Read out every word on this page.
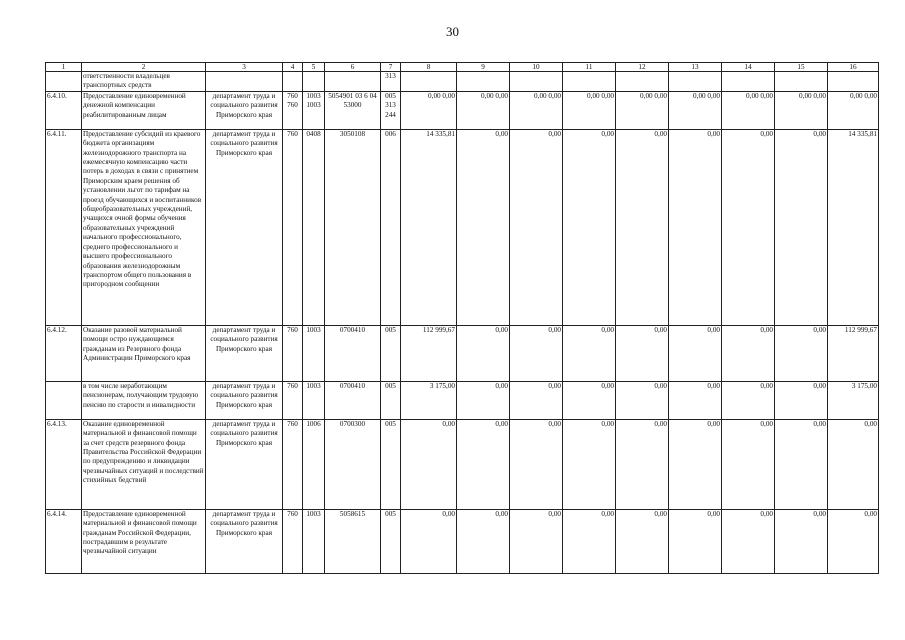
30
1	2	3	4	5	6	7	8	9	10	11	12	13	14	15	16
	ответственности владельцев транспортных средств					313									
6.4.10.	Предоставление единовременной денежной компенсации реабилитированным лицам	департамент труда и социального развития Приморского края	760 760	1003 1003	5054901 03 6 04 53000	005 313 244	0,00 0,00	0,00 0,00	0,00 0,00	0,00 0,00	0,00 0,00	0,00 0,00	0,00 0,00	0,00 0,00	0,00 0,00
6.4.11.	Предоставление субсидий из краевого бюджета организациям железнодорожного транспорта на ежемесячную компенсацию части потерь в доходах в связи с принятием Приморским краем решения об установлении льгот по тарифам на проезд обучающихся и воспитанников общеобразовательных учреждений, учащихся очной формы обучения образовательных учреждений начального профессионального, среднего профессионального и высшего профессионального образования железнодорожным транспортом общего пользования в пригородном сообщении	департамент труда и социального развития Приморского края	760	0408	3050108	006	14 335,81	0,00	0,00	0,00	0,00	0,00	0,00	0,00	14 335,81
6.4.12.	Оказание разовой материальной помощи остро нуждающимся гражданам из Резервного фонда Администрации Приморского края	департамент труда и социального развития Приморского края	760	1003	0700410	005	112 999,67	0,00	0,00	0,00	0,00	0,00	0,00	0,00	112 999,67
	в том числе неработающим пенсионерам, получающим трудовую пенсию по старости и инвалидности	департамент труда и социального развития Приморского края	760	1003	0700410	005	3 175,00	0,00	0,00	0,00	0,00	0,00	0,00	0,00	3 175,00
6.4.13.	Оказание единовременной материальной и финансовой помощи за счет средств резервного фонда Правительства Российской Федерации по предупреждению и ликвидации чрезвычайных ситуаций и последствий стихийных бедствий	департамент труда и социального развития Приморского края	760	1006	0700300	005	0,00	0,00	0,00	0,00	0,00	0,00	0,00	0,00	0,00
6.4.14.	Предоставление единовременной материальной и финансовой помощи гражданам Российской Федерации, пострадавшим в результате чрезвычайной ситуации	департамент труда и социального развития Приморского края	760	1003	5058615	005	0,00	0,00	0,00	0,00	0,00	0,00	0,00	0,00	0,00
